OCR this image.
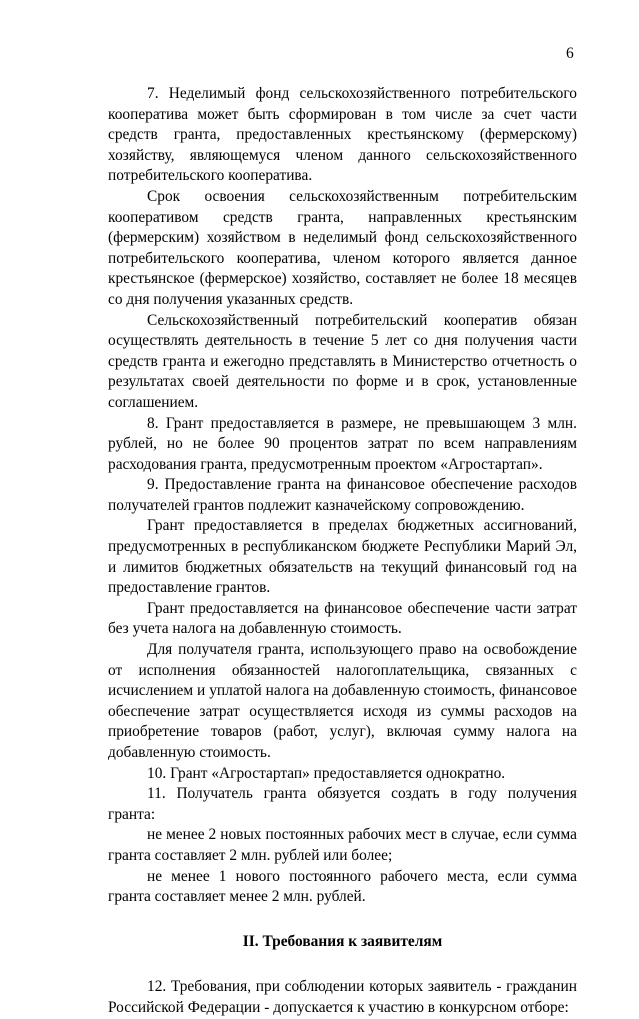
6

7. Неделимый фонд сельскохозяйственного потребительского кооператива может быть сформирован в том числе за счет части средств гранта, предоставленных крестьянскому (фермерскому) хозяйству, являющемуся членом данного сельскохозяйственного потребительского кооператива.

Срок освоения сельскохозяйственным потребительским кооперативом средств гранта, направленных крестьянским (фермерским) хозяйством в неделимый фонд сельскохозяйственного потребительского кооператива, членом которого является данное крестьянское (фермерское) хозяйство, составляет не более 18 месяцев со дня получения указанных средств.

Сельскохозяйственный потребительский кооператив обязан осуществлять деятельность в течение 5 лет со дня получения части средств гранта и ежегодно представлять в Министерство отчетность о результатах своей деятельности по форме и в срок, установленные соглашением.

8. Грант предоставляется в размере, не превышающем 3 млн. рублей, но не более 90 процентов затрат по всем направлениям расходования гранта, предусмотренным проектом «Агростартап».

9. Предоставление гранта на финансовое обеспечение расходов получателей грантов подлежит казначейскому сопровождению.

Грант предоставляется в пределах бюджетных ассигнований, предусмотренных в республиканском бюджете Республики Марий Эл, и лимитов бюджетных обязательств на текущий финансовый год на предоставление грантов.

Грант предоставляется на финансовое обеспечение части затрат без учета налога на добавленную стоимость.

Для получателя гранта, использующего право на освобождение от исполнения обязанностей налогоплательщика, связанных с исчислением и уплатой налога на добавленную стоимость, финансовое обеспечение затрат осуществляется исходя из суммы расходов на приобретение товаров (работ, услуг), включая сумму налога на добавленную стоимость.

10. Грант «Агростартап» предоставляется однократно.

11. Получатель гранта обязуется создать в году получения гранта:

не менее 2 новых постоянных рабочих мест в случае, если сумма гранта составляет 2 млн. рублей или более;

не менее 1 нового постоянного рабочего места, если сумма гранта составляет менее 2 млн. рублей.

II. Требования к заявителям

12. Требования, при соблюдении которых заявитель - гражданин Российской Федерации - допускается к участию в конкурсном отборе:
